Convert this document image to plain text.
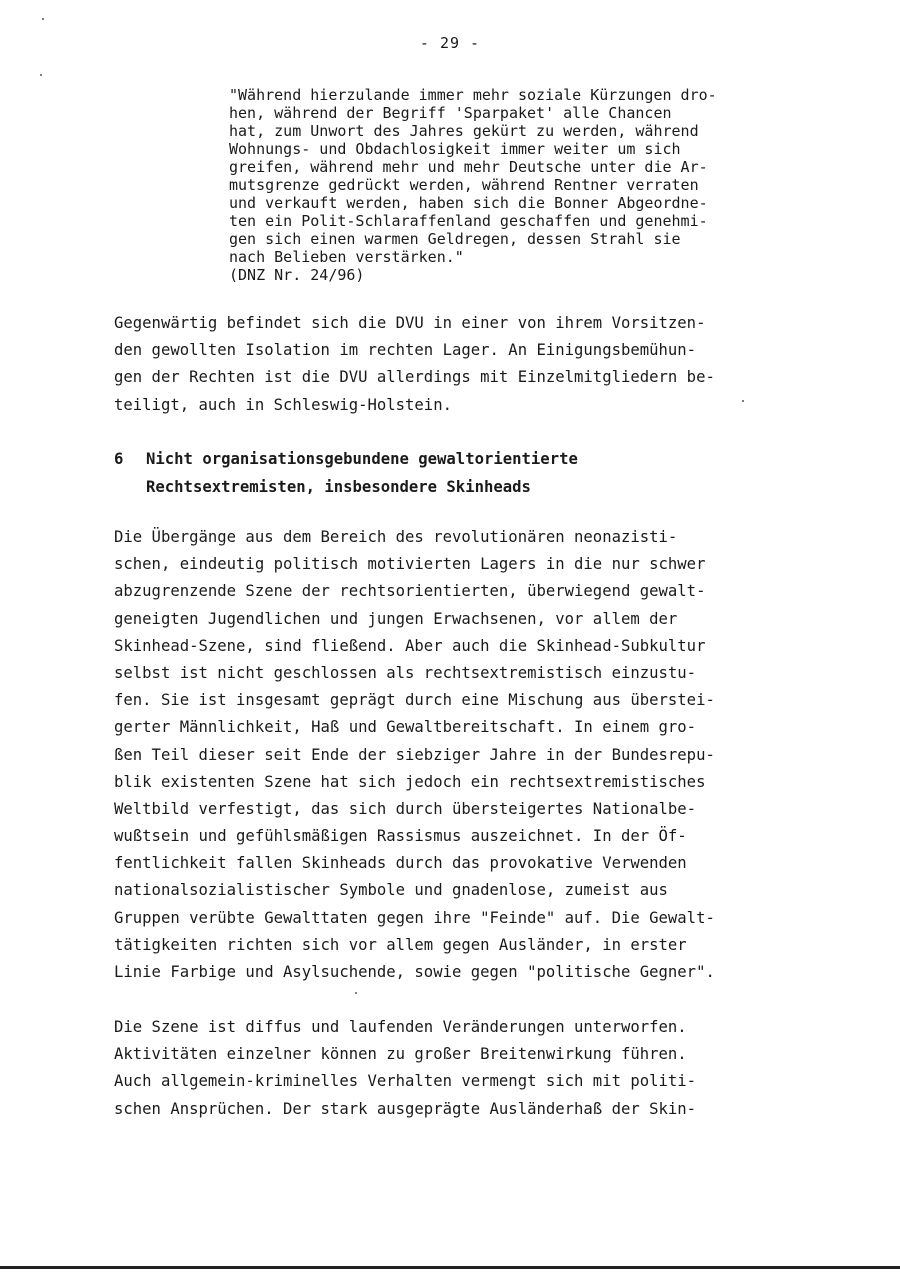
- 29 -
"Während hierzulande immer mehr soziale Kürzungen dro-
hen, während der Begriff 'Sparpaket' alle Chancen
hat, zum Unwort des Jahres gekürt zu werden, während
Wohnungs- und Obdachlosigkeit immer weiter um sich
greifen, während mehr und mehr Deutsche unter die Ar-
mutsgrenze gedrückt werden, während Rentner verraten
und verkauft werden, haben sich die Bonner Abgeordne-
ten ein Polit-Schlaraffenland geschaffen und genehmi-
gen sich einen warmen Geldregen, dessen Strahl sie
nach Belieben verstärken."
(DNZ Nr. 24/96)
Gegenwärtig befindet sich die DVU in einer von ihrem Vorsitzen-
den gewollten Isolation im rechten Lager. An Einigungsbemühun-
gen der Rechten ist die DVU allerdings mit Einzelmitgliedern be-
teiligt, auch in Schleswig-Holstein.
6	Nicht organisationsgebundene gewaltorientierte
Rechtsextremisten, insbesondere Skinheads
Die Übergänge aus dem Bereich des revolutionären neonazisti-
schen, eindeutig politisch motivierten Lagers in die nur schwer
abzugrenzende Szene der rechtsorientierten, überwiegend gewalt-
geneigten Jugendlichen und jungen Erwachsenen, vor allem der
Skinhead-Szene, sind fließend. Aber auch die Skinhead-Subkultur
selbst ist nicht geschlossen als rechtsextremistisch einzustu-
fen. Sie ist insgesamt geprägt durch eine Mischung aus überstei-
gerter Männlichkeit, Haß und Gewaltbereitschaft. In einem gro-
ßen Teil dieser seit Ende der siebziger Jahre in der Bundesrepu-
blik existenten Szene hat sich jedoch ein rechtsextremistisches
Weltbild verfestigt, das sich durch übersteigertes Nationalbe-
wußtsein und gefühlsmäßigen Rassismus auszeichnet. In der Öf-
fentlichkeit fallen Skinheads durch das provokative Verwenden
nationalsozialistischer Symbole und gnadenlose, zumeist aus
Gruppen verübte Gewalttaten gegen ihre "Feinde" auf. Die Gewalt-
tätigkeiten richten sich vor allem gegen Ausländer, in erster
Linie Farbige und Asylsuchende, sowie gegen "politische Gegner".
Die Szene ist diffus und laufenden Veränderungen unterworfen.
Aktivitäten einzelner können zu großer Breitenwirkung führen.
Auch allgemein-kriminelles Verhalten vermengt sich mit politi-
schen Ansprüchen. Der stark ausgeprägte Ausländerhaß der Skin-
